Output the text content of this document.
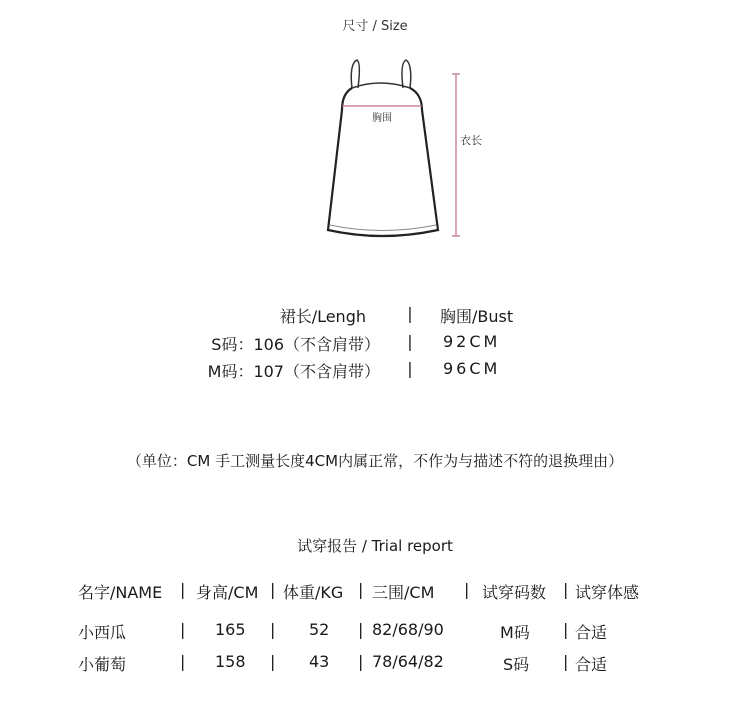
尺寸 / Size
胸围
衣长
裙长/Lengh	|	胸围/Bust
S码：106（不含肩带）	|	92CM
M码：107（不含肩带）	|	96CM
（单位：CM 手工测量长度4CM内属正常，不作为与描述不符的退换理由）
试穿报告 / Trial report
名字/NAME | 身高/CM | 体重/KG | 三围/CM | 试穿码数 | 试穿体感
小西瓜	| 165 | 52 | 82/68/90	M码 | 合适
小葡萄	| 158 | 43 | 78/64/82	S码 | 合适
